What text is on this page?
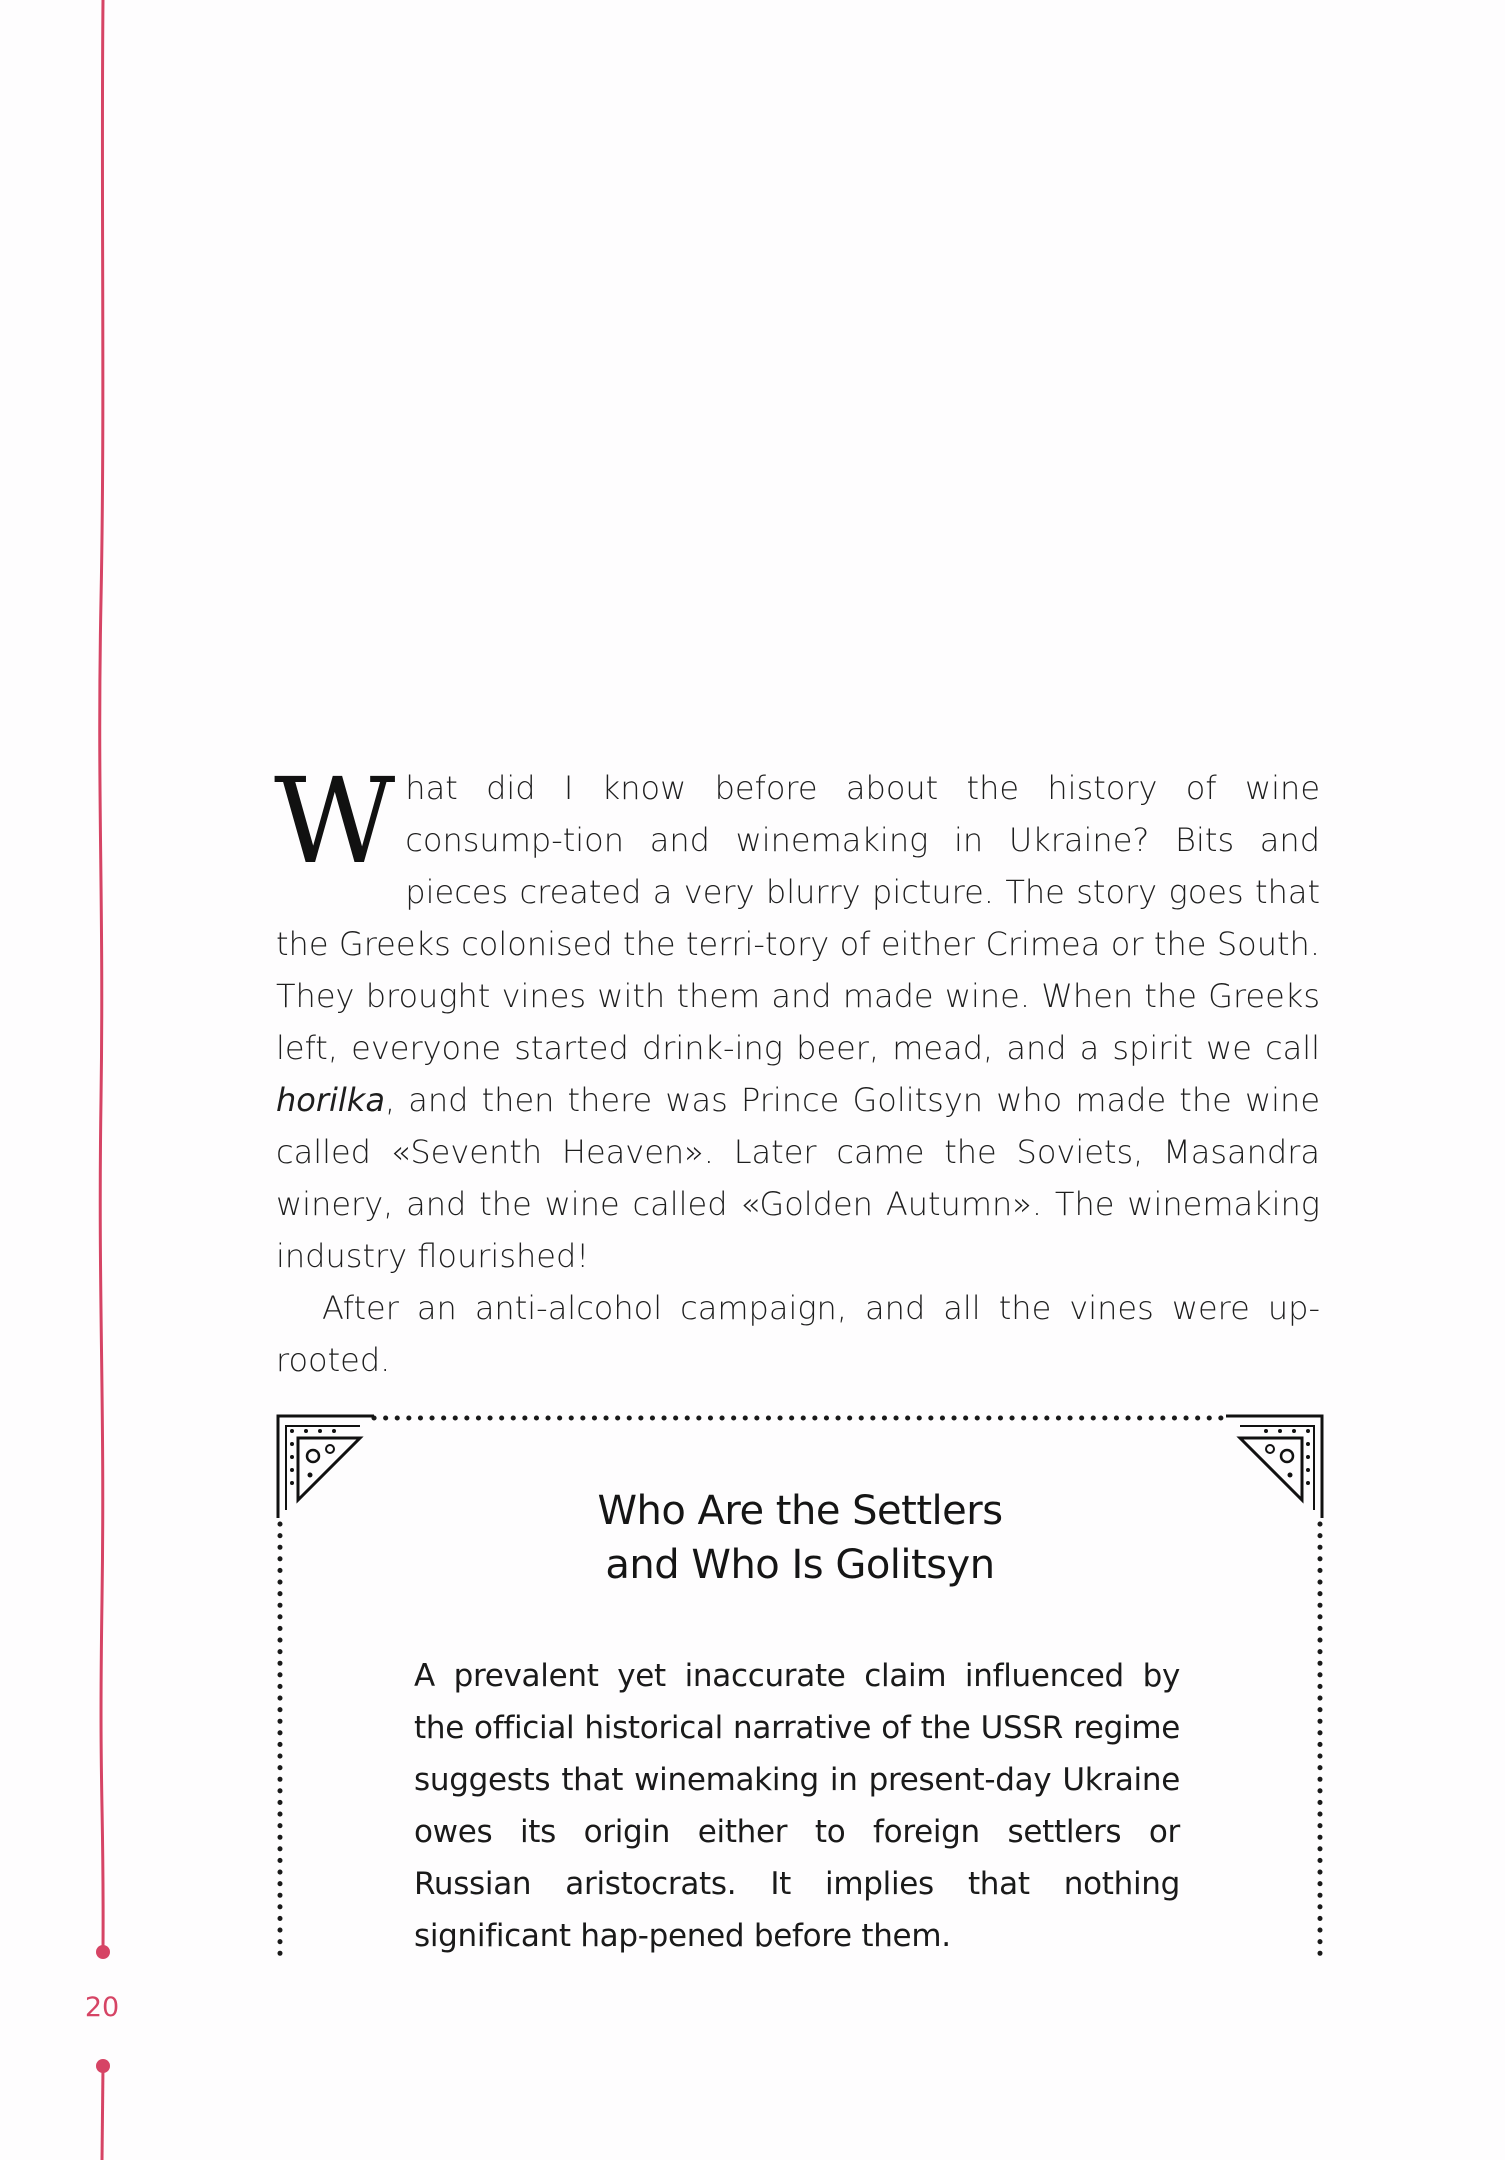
20

What did I know before about the history of wine consump-tion and winemaking in Ukraine? Bits and pieces created a very blurry picture. The story goes that the Greeks colonised the terri-tory of either Crimea or the South. They brought vines with them and made wine. When the Greeks left, everyone started drink-ing beer, mead, and a spirit we call horilka, and then there was Prince Golitsyn who made the wine called «Seventh Heaven». Later came the Soviets, Masandra winery, and the wine called «Golden Autumn». The winemaking industry flourished!

After an anti-alcohol campaign, and all the vines were up-rooted.

Who Are the Settlers
and Who Is Golitsyn
A prevalent yet inaccurate claim influenced by the official historical narrative of the USSR regime suggests that winemaking in present-day Ukraine owes its origin either to foreign settlers or Russian aristocrats. It implies that nothing significant hap-pened before them.
